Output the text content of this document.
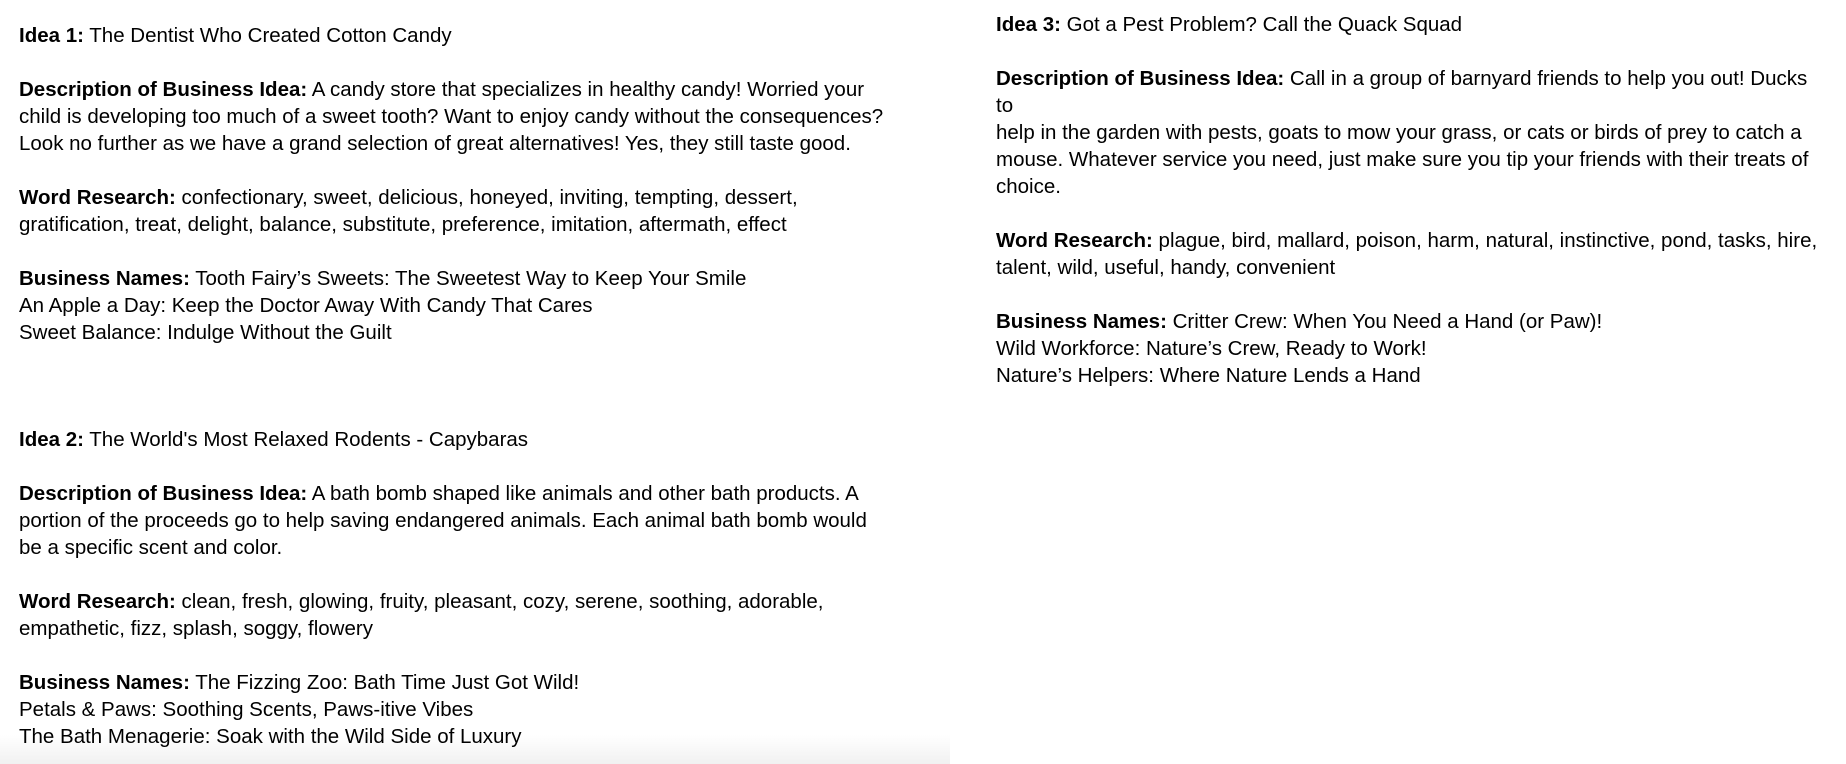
Idea 1: The Dentist Who Created Cotton Candy

Description of Business Idea: A candy store that specializes in healthy candy! Worried your
child is developing too much of a sweet tooth? Want to enjoy candy without the consequences?
Look no further as we have a grand selection of great alternatives! Yes, they still taste good.

Word Research: confectionary, sweet, delicious, honeyed, inviting, tempting, dessert,
gratification, treat, delight, balance, substitute, preference, imitation, aftermath, effect

Business Names: Tooth Fairy’s Sweets: The Sweetest Way to Keep Your Smile
An Apple a Day: Keep the Doctor Away With Candy That Cares
Sweet Balance: Indulge Without the Guilt

Idea 2: The World's Most Relaxed Rodents - Capybaras

Description of Business Idea: A bath bomb shaped like animals and other bath products. A
portion of the proceeds go to help saving endangered animals. Each animal bath bomb would
be a specific scent and color.

Word Research: clean, fresh, glowing, fruity, pleasant, cozy, serene, soothing, adorable,
empathetic, fizz, splash, soggy, flowery

Business Names: The Fizzing Zoo: Bath Time Just Got Wild!
Petals & Paws: Soothing Scents, Paws-itive Vibes
The Bath Menagerie: Soak with the Wild Side of Luxury

Idea 3: Got a Pest Problem? Call the Quack Squad

Description of Business Idea: Call in a group of barnyard friends to help you out! Ducks to
help in the garden with pests, goats to mow your grass, or cats or birds of prey to catch a
mouse. Whatever service you need, just make sure you tip your friends with their treats of
choice.

Word Research: plague, bird, mallard, poison, harm, natural, instinctive, pond, tasks, hire,
talent, wild, useful, handy, convenient

Business Names: Critter Crew: When You Need a Hand (or Paw)!
Wild Workforce: Nature’s Crew, Ready to Work!
Nature’s Helpers: Where Nature Lends a Hand
